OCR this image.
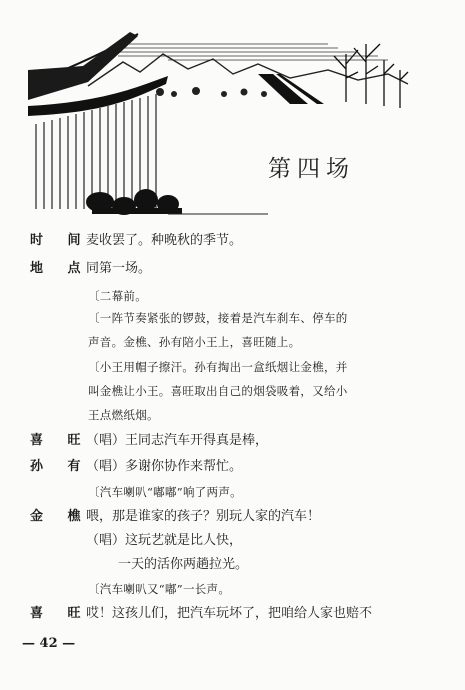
第四场
时 间麦收罢了。种晚秋的季节。
地 点同第一场。
〔二幕前。
〔一阵节奏紧张的锣鼓，接着是汽车刹车、停车的
声音。金樵、孙有陪小王上，喜旺随上。
〔小王用帽子擦汗。孙有掏出一盒纸烟让金樵，并
叫金樵让小王。喜旺取出自己的烟袋吸着，又给小
王点燃纸烟。
喜 旺（唱）王同志汽车开得真是棒，
孙 有（唱）多谢你协作来帮忙。
〔汽车喇叭“嘟嘟”响了两声。
金 樵喂，那是谁家的孩子？别玩人家的汽车！
（唱）这玩艺就是比人快，
一天的活你两趟拉光。
〔汽车喇叭又“嘟”一长声。
喜 旺哎！这孩儿们，把汽车玩坏了，把咱给人家也赔不
— 42 —
